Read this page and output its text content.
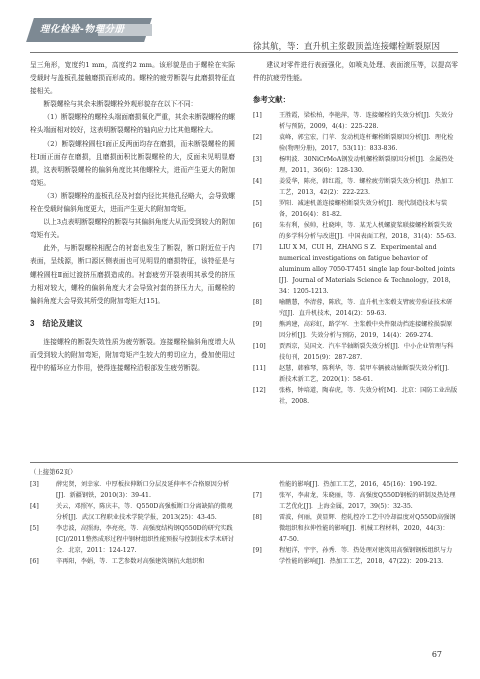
理化检验-物理分册
徐其航，等：直升机主浆毂顶盖连接螺栓断裂原因

呈三角形，宽度约1 mm，高度约2 mm。该形貌是由于螺栓在实际受载时与盖板孔接触磨损而形成的。螺栓的疲劳断裂与此磨损特征直接相关。

断裂螺栓与其余未断裂螺栓外观形貌存在以下不同：

（1）断裂螺栓的螺栓头端面磨损氧化严重，其余未断裂螺栓的螺栓头端面相对较好，这表明断裂螺栓的轴向应力比其他螺栓大。

（2）断裂螺栓圆柱Ⅰ面正反两面均存在磨损，而未断裂螺栓的圆柱Ⅰ面正面存在磨损，且磨损面积比断裂螺栓的大，反面未见明显磨损，这表明断裂螺栓的偏斜角度比其他螺栓大，进而产生更大的附加弯矩。

（3）断裂螺栓的盖板孔径及衬套内径比其他孔径略大，会导致螺栓在受载时偏斜角度更大，进而产生更大的附加弯矩。

以上3点表明断裂螺栓的断裂与其偏斜角度大从而受到较大的附加弯矩有关。

此外，与断裂螺栓相配合的衬套也发生了断裂，断口附近位于内表面，呈线源，断口源区侧表面也可见明显的磨损特征，该特征是与螺栓圆柱Ⅱ面过渡挤压磨损造成的。衬套疲劳开裂表明其承受的挤压力相对较大，螺栓的偏斜角度大才会导致衬套的挤压力大，而螺栓的偏斜角度大会导致其所受的附加弯矩大[15]。

3　结论及建议

连接螺栓的断裂失效性质为疲劳断裂。连接螺栓偏斜角度增大从而受到较大的附加弯矩，附加弯矩产生较大的剪切应力，叠加使用过程中的循环应力作用，使得连接螺栓沿根部发生疲劳断裂。

建议对零件进行表面强化，如喷丸处理、表面滚压等，以提高零件的抗疲劳性能。

参考文献：
[1]	王胜霞，梁松柏，李艳萍，等．连接螺栓的失效分析[J]．失效分析与预防，2009，4(4)：225-228.
[2]	袁峰，郭宝宏，门苹．发动机连杆螺栓断裂原因分析[J]．理化检验(物理分册)，2017，53(11)：833-836.
[3]	杨明波．30NiCrMoA钢发动机螺栓断裂原因分析[J]．金属热处理，2011，36(6)：128-130.
[4]	姜爱华，陈亮，韩红霞，等．螺栓疲劳断裂失效分析[J]．热加工工艺，2013，42(2)：222-223.
[5]	罗阳．减速机盖连接螺栓断裂失效分析[J]．现代制造技术与装备，2016(4)：81-82.
[6]	朱有利，侯帅，杜晓坤，等．某无人机螺旋桨联接螺栓断裂失效的多学科分析与改进[J]．中国表面工程，2018，31(4)：55-63.
[7]	LIU X M，CUI H，ZHANG S Z．Experimental and numerical investigations on fatigue behavior of aluminum alloy 7050-T7451 single lap four-bolted joints [J]．Journal of Materials Science & Technology，2018，34：1205-1213.
[8]	喻鹏慧，李清蓉，陈欣，等．直升机主浆毂支臂疲劳验证技术研究[J]．直升机技术，2014(2)：59-63.
[9]	熊鸿建，高彩虹，路学军．主浆毂中央件限动挡连接螺栓损裂原因分析[J]．失效分析与预防，2019，14(4)：269-274.
[10] 贾西京，吴国文．汽车半轴断裂失效分析[J]．中小企业管理与科技旬刊，2015(9)：287-287.
[11] 赵慧，韩雅琴，陈利华，等．装甲车辆被动轴断裂失效分析[J]．新技术新工艺，2020(1)：58-61.
[12] 张栋，钟培道，陶春虎，等．失效分析[M]．北京：国防工业出版社，2008.
（上接第62页）
[3]	薛宪贤，刘幸家．中厚板拉伸断口分层及延伸率不合格原因分析[J]．新疆钢铁，2010(3)：39-41.
[4]	关云，邓照军，陈庆丰，等．Q550D高强板断口分离缺陷的微观分析[J]．武汉工程职业技术学院学报，2013(25)：43-45.
[5]	李忠波，高照海，李亮亮，等．高强度结构钢Q550D的研究实践[C]//2011整然成形过程中钢材组织性能预报与控制技术学术研讨会．北京，2011：124-127.
[6]	辛再阳，李娟，等．工艺参数对高强建筑钢抗火组织和
性能的影响[J]．热加工工艺，2016，45(16)：190-192.
[7]	张军，李肃龙，朱晓丽，等．高强度Q550D钢板的研制及热处理工艺优化[J]．上海金属，2017，39(5)：32-35.
[8]	雷波，何丽，黄显辉．控轧控冷工艺中冷却温度对Q550D高强钢微组织和拉伸性能的影响[J]．机械工程材料，2020，44(3)：47-50.
[9]	程旭洋，宇宇，孙秀．等．热处理对建筑用高强钢钢板组织与力学性能的影响[J]．热加工工艺，2018，47(22)：209-213.
67
